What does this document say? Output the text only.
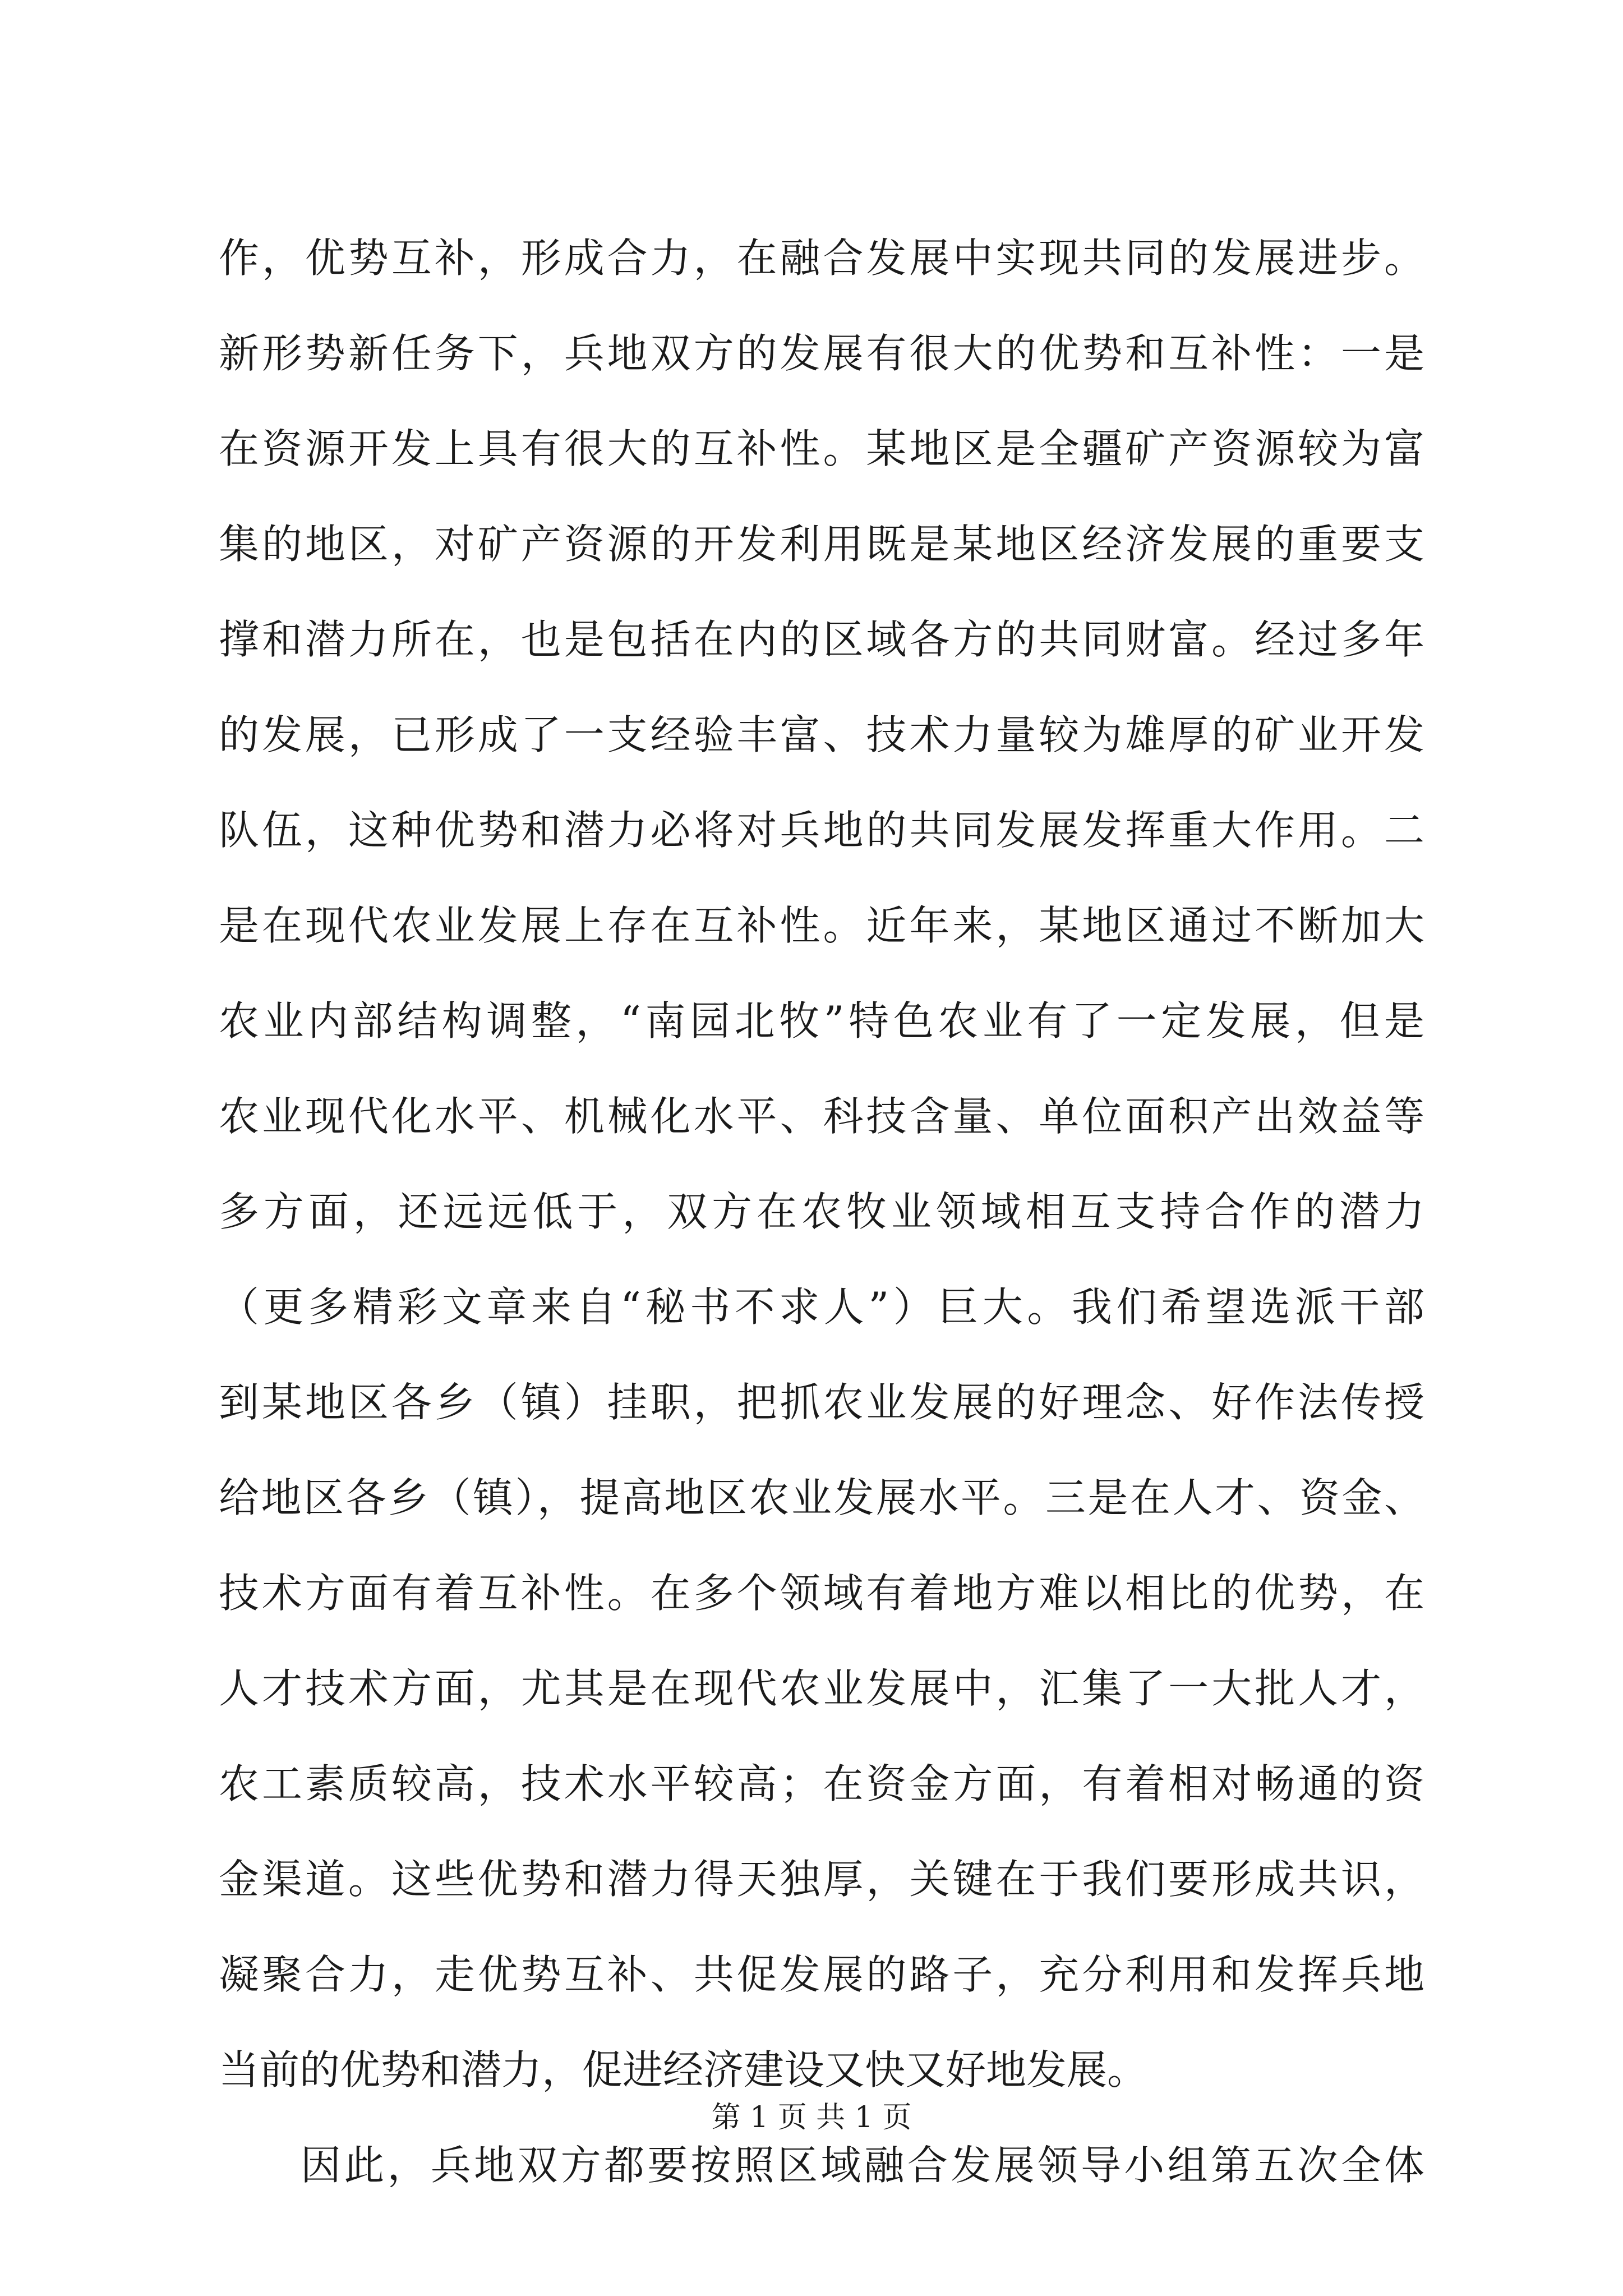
作，优势互补，形成合力，在融合发展中实现共同的发展进步。
新形势新任务下，兵地双方的发展有很大的优势和互补性：一是
在资源开发上具有很大的互补性。某地区是全疆矿产资源较为富
集的地区，对矿产资源的开发利用既是某地区经济发展的重要支
撑和潜力所在，也是包括在内的区域各方的共同财富。经过多年
的发展，已形成了一支经验丰富、技术力量较为雄厚的矿业开发
队伍，这种优势和潜力必将对兵地的共同发展发挥重大作用。二
是在现代农业发展上存在互补性。近年来，某地区通过不断加大
农业内部结构调整，“南园北牧”特色农业有了一定发展，但是
农业现代化水平、机械化水平、科技含量、单位面积产出效益等
多方面，还远远低于，双方在农牧业领域相互支持合作的潜力
（更多精彩文章来自“秘书不求人”）巨大。我们希望选派干部
到某地区各乡（镇）挂职，把抓农业发展的好理念、好作法传授
给地区各乡（镇），提高地区农业发展水平。三是在人才、资金、
技术方面有着互补性。在多个领域有着地方难以相比的优势，在
人才技术方面，尤其是在现代农业发展中，汇集了一大批人才，
农工素质较高，技术水平较高；在资金方面，有着相对畅通的资
金渠道。这些优势和潜力得天独厚，关键在于我们要形成共识，
凝聚合力，走优势互补、共促发展的路子，充分利用和发挥兵地
当前的优势和潜力，促进经济建设又快又好地发展。
因此，兵地双方都要按照区域融合发展领导小组第五次全体
第 1 页 共 1 页
